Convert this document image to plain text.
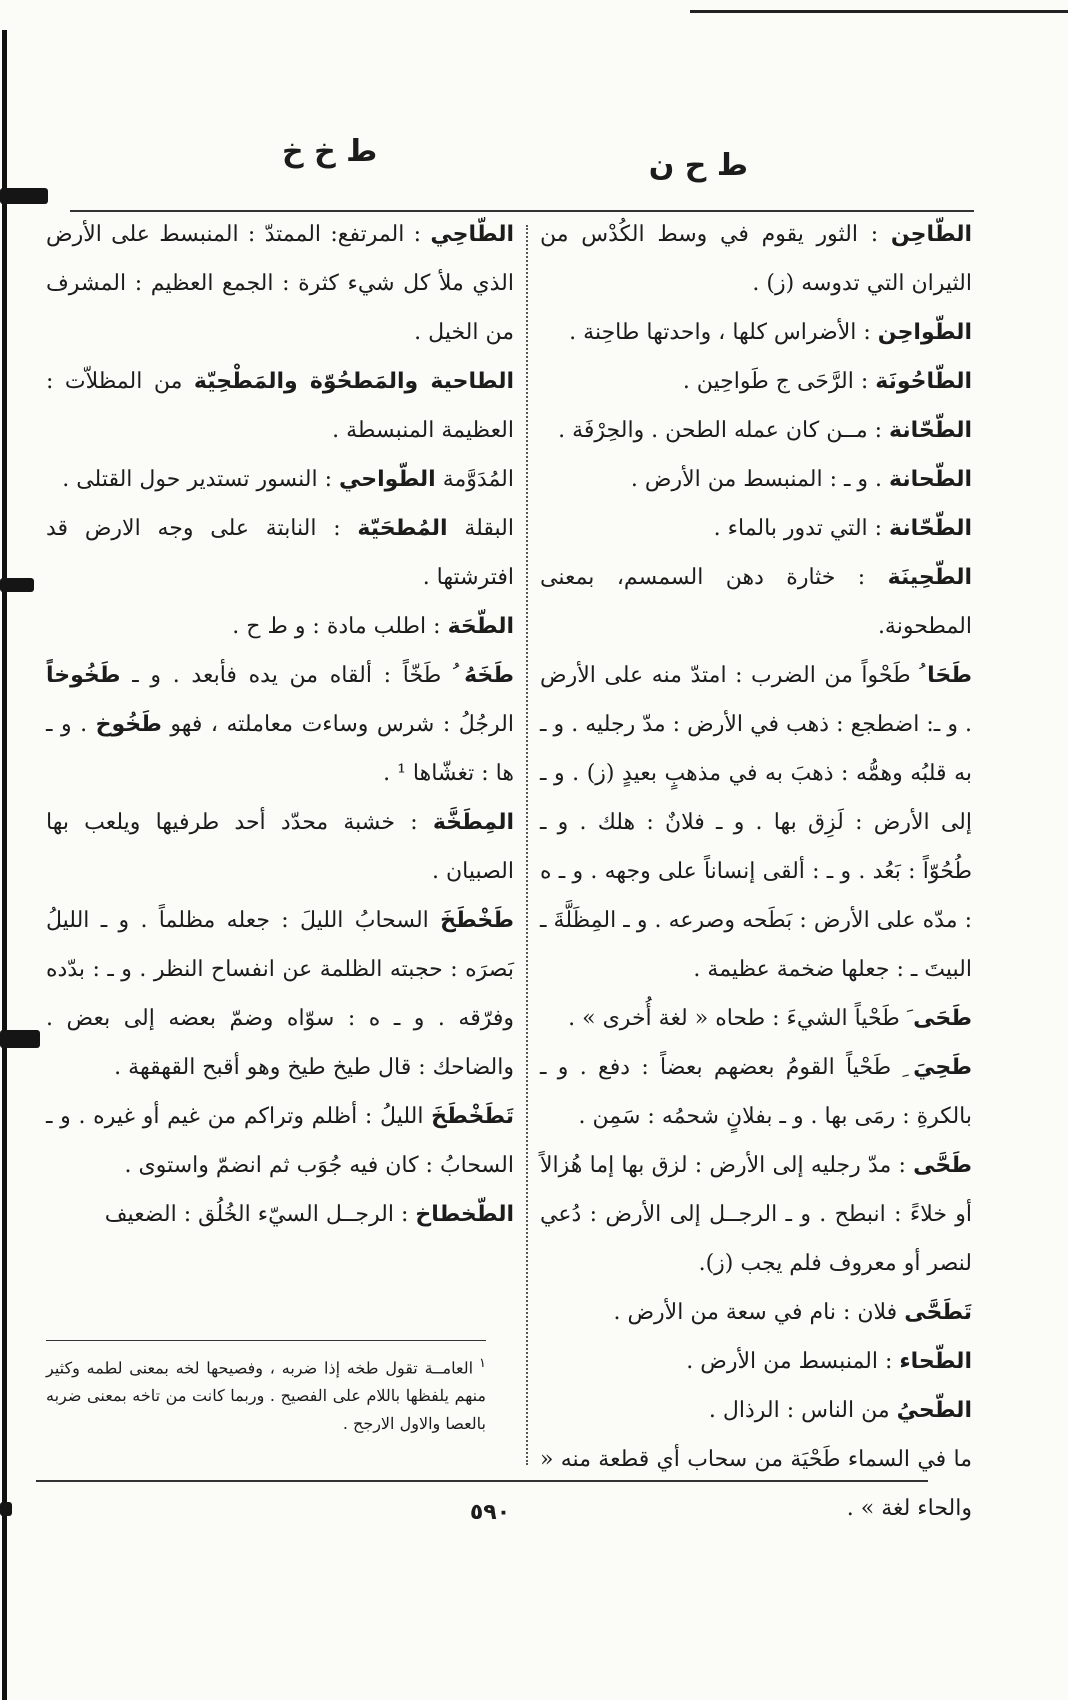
ط ح ن
ط خ خ

الطّاحِن : الثور يقوم في وسط الكُدْس من الثيران التي تدوسه (ز) .

الطّواحِن : الأضراس كلها ، واحدتها طاحِنة .

الطّاحُونَة : الرَّحَى ج طَواحِين .

الطّحّانة : مــن كان عمله الطحن . والحِرْفَة .

الطّحانة . و ـ : المنبسط من الأرض .

الطّحّانة : التي تدور بالماء .

الطّحِينَة : خثارة دهن السمسم، بمعنى المطحونة.

طَحَا ُ طَحْواً من الضرب : امتدّ منه على الأرض . و ـ: اضطجع : ذهب في الأرض : مدّ رجليه . و ـ به قلبُه وهمُّه : ذهبَ به في مذهبٍ بعيدٍ (ز) . و ـ إلى الأرض : لَزِق بها . و ـ فلانٌ : هلك . و ـ طُحُوّاً : بَعُد . و ـ : ألقى إنساناً على وجهه . و ـ ه : مدّه على الأرض : بَطَحه وصرعه . و ـ المِظَلَّةَ ـ البيتَ ـ : جعلها ضخمة عظيمة .

طَحَى َ طَحْياً الشيءَ : طحاه « لغة أُخرى » .

طَحِيَ ِ طَحْياً القومُ بعضهم بعضاً : دفع . و ـ بالكرةِ : رمَى بها . و ـ بفلانٍ شحمُه : سَمِن .

طَحَّى : مدّ رجليه إلى الأرض : لزق بها إما هُزالاً أو خلاءً : انبطح . و ـ الرجــل إلى الأرض : دُعي لنصر أو معروف فلم يجب (ز).

تَطَحَّى فلان : نام في سعة من الأرض .

الطّحاء : المنبسط من الأرض .

الطّحيُ من الناس : الرذال .

ما في السماء طَحْيَة من سحاب أي قطعة منه « والحاء لغة » .

الطّاحِي : المرتفع: الممتدّ : المنبسط على الأرض الذي ملأ كل شيء كثرة : الجمع العظيم : المشرف من الخيل .

الطاحية والمَطحُوّة والمَطْحِيّة من المظلاّت : العظيمة المنبسطة .

المُدَوَّمة الطّواحي : النسور تستدير حول القتلى .

البقلة المُطحَيّة : النابتة على وجه الارض قد افترشتها .

الطّحَة : اطلب مادة : و ط ح .

طَخَهُ ُ طَخّاً : ألقاه من يده فأبعد . و ـ طَخُوخاً الرجُلُ : شرس وساءت معاملته ، فهو طَخُوخ . و ـ ها : تغشّاها ¹ .

المِطَخَّة : خشبة محدّد أحد طرفيها ويلعب بها الصبيان .

طَخْطَخَ السحابُ الليلَ : جعله مظلماً . و ـ الليلُ بَصرَه : حجبته الظلمة عن انفساح النظر . و ـ : بدّده وفرّقه . و ـ ه : سوّاه وضمّ بعضه إلى بعض . والضاحك : قال طيخ طيخ وهو أقبح القهقهة .

تَطَخْطَخَ الليلُ : أظلم وتراكم من غيم أو غيره . و ـ السحابُ : كان فيه جُوَب ثم انضمّ واستوى .

الطّخطاخ : الرجــل السيّء الخُلُق : الضعيف

$^١$العامــة تقول طخه إذا ضربه ، وفصيحها لخه بمعنى لطمه وكثير منهم يلفظها باللام على الفصيح . وربما كانت من تاخه بمعنى ضربه بالعصا والاول الارجح .
٥٩٠
